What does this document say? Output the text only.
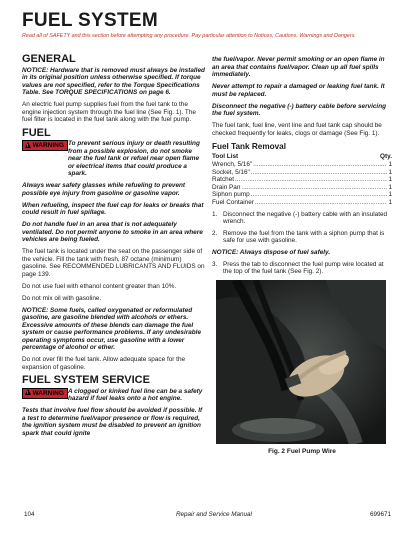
FUEL SYSTEM
Read all of SAFETY and this section before attempting any procedure. Pay particular attention to Notices, Cautions, Warnings and Dangers.
GENERAL

NOTICE: Hardware that is removed must always be installed in its original position unless otherwise specified. If torque values are not specified, refer to the Torque Specifications Table. See TORQUE SPECIFICATIONS on page 6.

An electric fuel pump supplies fuel from the fuel tank to the engine injection system through the fuel line (See Fig. 1). The fuel filter is located in the fuel tank along with the fuel pump.

FUEL
!WARNING To prevent serious injury or death resulting from a possible explosion, do not smoke near the fuel tank or refuel near open flame or electrical items that could produce a spark.

Always wear safety glasses while refueling to prevent possible eye injury from gasoline or gasoline vapor.

When refueling, inspect the fuel cap for leaks or breaks that could result in fuel spillage.

Do not handle fuel in an area that is not adequately ventilated. Do not permit anyone to smoke in an area where vehicles are being fueled.

The fuel tank is located under the seat on the passenger side of the vehicle. Fill the tank with fresh, 87 octane (minimum) gasoline. See RECOMMENDED LUBRICANTS AND FLUIDS on page 139.

Do not use fuel with ethanol content greater than 10%.

Do not mix oil with gasoline.

NOTICE: Some fuels, called oxygenated or reformulated gasoline, are gasoline blended with alcohols or ethers. Excessive amounts of these blends can damage the fuel system or cause performance problems. If any undesirable operating symptoms occur, use gasoline with a lower percentage of alcohol or ether.

Do not over fill the fuel tank. Allow adequate space for the expansion of gasoline.

FUEL SYSTEM SERVICE
!WARNING A clogged or kinked fuel line can be a safety hazard if fuel leaks onto a hot engine.

Tests that involve fuel flow should be avoided if possible. If a test to determine fuel/vapor presence or flow is required, the ignition system must be disabled to prevent an ignition spark that could ignite

the fuel/vapor. Never permit smoking or an open flame in an area that contains fuel/vapor. Clean up all fuel spills immediately.

Never attempt to repair a damaged or leaking fuel tank. It must be replaced.

Disconnect the negative (-) battery cable before servicing the fuel system.

The fuel tank, fuel line, vent line and fuel tank cap should be checked frequently for leaks, clogs or damage (See Fig. 1).

Fuel Tank Removal
Tool List	Qty.
Wrench, 5/16" .....	1
Socket, 5/16" .....	1
Ratchet .....	1
Drain Pan .....	1
Siphon pump .....	1
Fuel Container .....	1
1. Disconnect the negative (-) battery cable with an insulated wrench.
2. Remove the fuel from the tank with a siphon pump that is safe for use with gasoline.

NOTICE: Always dispose of fuel safely.

3. Press the tab to disconnect the fuel pump wire located at the top of the fuel tank (See Fig. 2).
Fig. 2 Fuel Pump Wire
104	Repair and Service Manual	699671
